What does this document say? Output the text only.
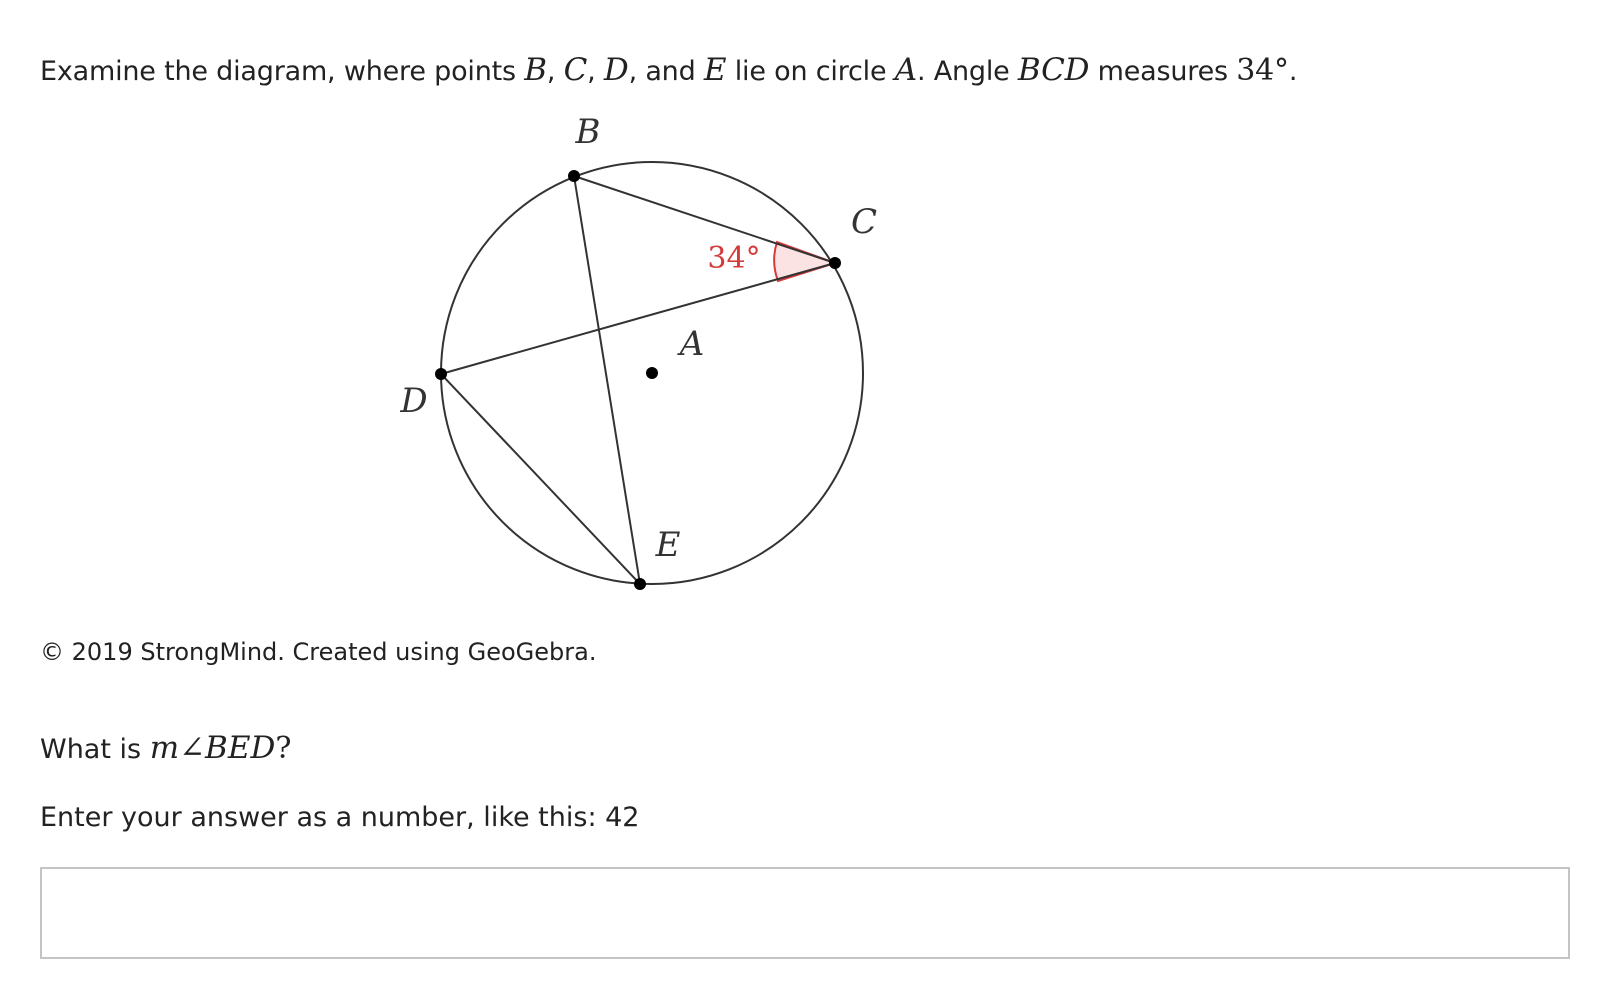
Examine the diagram, where points B, C, D, and E lie on circle A. Angle BCD measures 34°.
B
C
D
E
A
34°
© 2019 StrongMind. Created using GeoGebra.
What is m∠BED?
Enter your answer as a number, like this: 42
